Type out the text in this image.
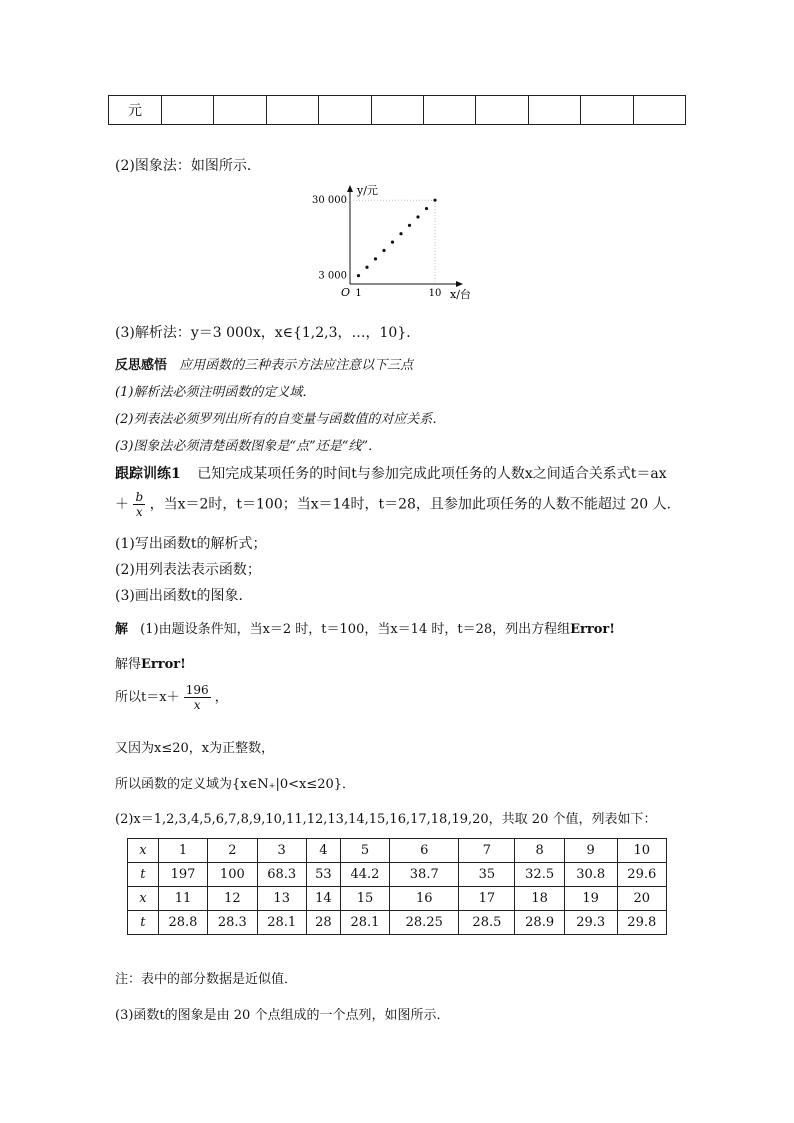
元										
(2)图象法：如图所示．
y/元
x/台
O
3 000
30 000
1	10
(3)解析法：y＝3 000x，x∈{1,2,3，…，10}．
反思感悟 应用函数的三种表示方法应注意以下三点
(1)解析法必须注明函数的定义域．
(2)列表法必须罗列出所有的自变量与函数值的对应关系．
(3)图象法必须清楚函数图象是“点”还是“线”．
跟踪训练1 已知完成某项任务的时间t与参加完成此项任务的人数x之间适合关系式t＝ax
＋ $\frac{b}{x}$ ，当x＝2时，t＝100；当x＝14时，t＝28，且参加此项任务的人数不能超过 20 人．
(1)写出函数t的解析式；
(2)用列表法表示函数；
(3)画出函数t的图象．
解 (1)由题设条件知，当x＝2 时，t＝100，当x＝14 时，t＝28，列出方程组Error!
解得Error!
所以$t=x+ \frac{196}{x}$ ，
又因为x≤20，x为正整数，
所以函数的定义域为{x∈N₊|0<x≤20}．
(2)x＝1,2,3,4,5,6,7,8,9,10,11,12,13,14,15,16,17,18,19,20，共取 20 个值，列表如下：
x	1	2	3	4	5	6	7	8	9	10
t	197	100	68.3	53	44.2	38.7	35	32.5	30.8	29.6
x	11	12	13	14	15	16	17	18	19	20
t	28.8	28.3	28.1	28	28.1	28.25	28.5	28.9	29.3	29.8
注：表中的部分数据是近似值．
(3)函数t的图象是由 20 个点组成的一个点列，如图所示．
